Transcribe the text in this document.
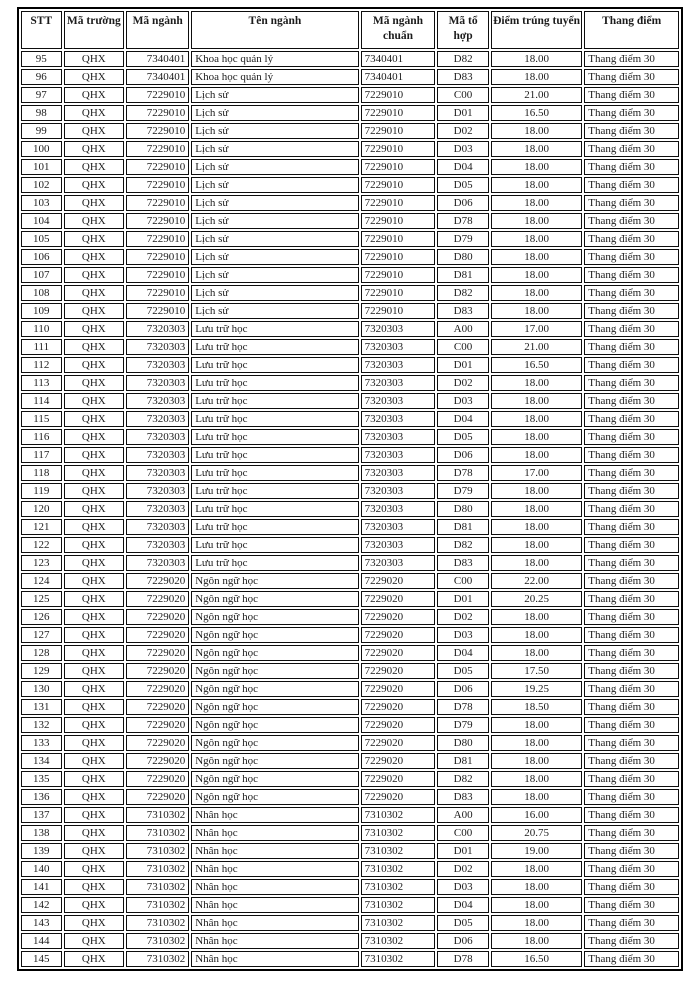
STT	Mã trường	Mã ngành	Tên ngành	Mã ngành chuẩn	Mã tổ hợp	Điểm trúng tuyển	Thang điểm
95	QHX	7340401	Khoa học quản lý	7340401	D82	18.00	Thang điểm 30
96	QHX	7340401	Khoa học quản lý	7340401	D83	18.00	Thang điểm 30
97	QHX	7229010	Lịch sử	7229010	C00	21.00	Thang điểm 30
98	QHX	7229010	Lịch sử	7229010	D01	16.50	Thang điểm 30
99	QHX	7229010	Lịch sử	7229010	D02	18.00	Thang điểm 30
100	QHX	7229010	Lịch sử	7229010	D03	18.00	Thang điểm 30
101	QHX	7229010	Lịch sử	7229010	D04	18.00	Thang điểm 30
102	QHX	7229010	Lịch sử	7229010	D05	18.00	Thang điểm 30
103	QHX	7229010	Lịch sử	7229010	D06	18.00	Thang điểm 30
104	QHX	7229010	Lịch sử	7229010	D78	18.00	Thang điểm 30
105	QHX	7229010	Lịch sử	7229010	D79	18.00	Thang điểm 30
106	QHX	7229010	Lịch sử	7229010	D80	18.00	Thang điểm 30
107	QHX	7229010	Lịch sử	7229010	D81	18.00	Thang điểm 30
108	QHX	7229010	Lịch sử	7229010	D82	18.00	Thang điểm 30
109	QHX	7229010	Lịch sử	7229010	D83	18.00	Thang điểm 30
110	QHX	7320303	Lưu trữ học	7320303	A00	17.00	Thang điểm 30
111	QHX	7320303	Lưu trữ học	7320303	C00	21.00	Thang điểm 30
112	QHX	7320303	Lưu trữ học	7320303	D01	16.50	Thang điểm 30
113	QHX	7320303	Lưu trữ học	7320303	D02	18.00	Thang điểm 30
114	QHX	7320303	Lưu trữ học	7320303	D03	18.00	Thang điểm 30
115	QHX	7320303	Lưu trữ học	7320303	D04	18.00	Thang điểm 30
116	QHX	7320303	Lưu trữ học	7320303	D05	18.00	Thang điểm 30
117	QHX	7320303	Lưu trữ học	7320303	D06	18.00	Thang điểm 30
118	QHX	7320303	Lưu trữ học	7320303	D78	17.00	Thang điểm 30
119	QHX	7320303	Lưu trữ học	7320303	D79	18.00	Thang điểm 30
120	QHX	7320303	Lưu trữ học	7320303	D80	18.00	Thang điểm 30
121	QHX	7320303	Lưu trữ học	7320303	D81	18.00	Thang điểm 30
122	QHX	7320303	Lưu trữ học	7320303	D82	18.00	Thang điểm 30
123	QHX	7320303	Lưu trữ học	7320303	D83	18.00	Thang điểm 30
124	QHX	7229020	Ngôn ngữ học	7229020	C00	22.00	Thang điểm 30
125	QHX	7229020	Ngôn ngữ học	7229020	D01	20.25	Thang điểm 30
126	QHX	7229020	Ngôn ngữ học	7229020	D02	18.00	Thang điểm 30
127	QHX	7229020	Ngôn ngữ học	7229020	D03	18.00	Thang điểm 30
128	QHX	7229020	Ngôn ngữ học	7229020	D04	18.00	Thang điểm 30
129	QHX	7229020	Ngôn ngữ học	7229020	D05	17.50	Thang điểm 30
130	QHX	7229020	Ngôn ngữ học	7229020	D06	19.25	Thang điểm 30
131	QHX	7229020	Ngôn ngữ học	7229020	D78	18.50	Thang điểm 30
132	QHX	7229020	Ngôn ngữ học	7229020	D79	18.00	Thang điểm 30
133	QHX	7229020	Ngôn ngữ học	7229020	D80	18.00	Thang điểm 30
134	QHX	7229020	Ngôn ngữ học	7229020	D81	18.00	Thang điểm 30
135	QHX	7229020	Ngôn ngữ học	7229020	D82	18.00	Thang điểm 30
136	QHX	7229020	Ngôn ngữ học	7229020	D83	18.00	Thang điểm 30
137	QHX	7310302	Nhân học	7310302	A00	16.00	Thang điểm 30
138	QHX	7310302	Nhân học	7310302	C00	20.75	Thang điểm 30
139	QHX	7310302	Nhân học	7310302	D01	19.00	Thang điểm 30
140	QHX	7310302	Nhân học	7310302	D02	18.00	Thang điểm 30
141	QHX	7310302	Nhân học	7310302	D03	18.00	Thang điểm 30
142	QHX	7310302	Nhân học	7310302	D04	18.00	Thang điểm 30
143	QHX	7310302	Nhân học	7310302	D05	18.00	Thang điểm 30
144	QHX	7310302	Nhân học	7310302	D06	18.00	Thang điểm 30
145	QHX	7310302	Nhân học	7310302	D78	16.50	Thang điểm 30
